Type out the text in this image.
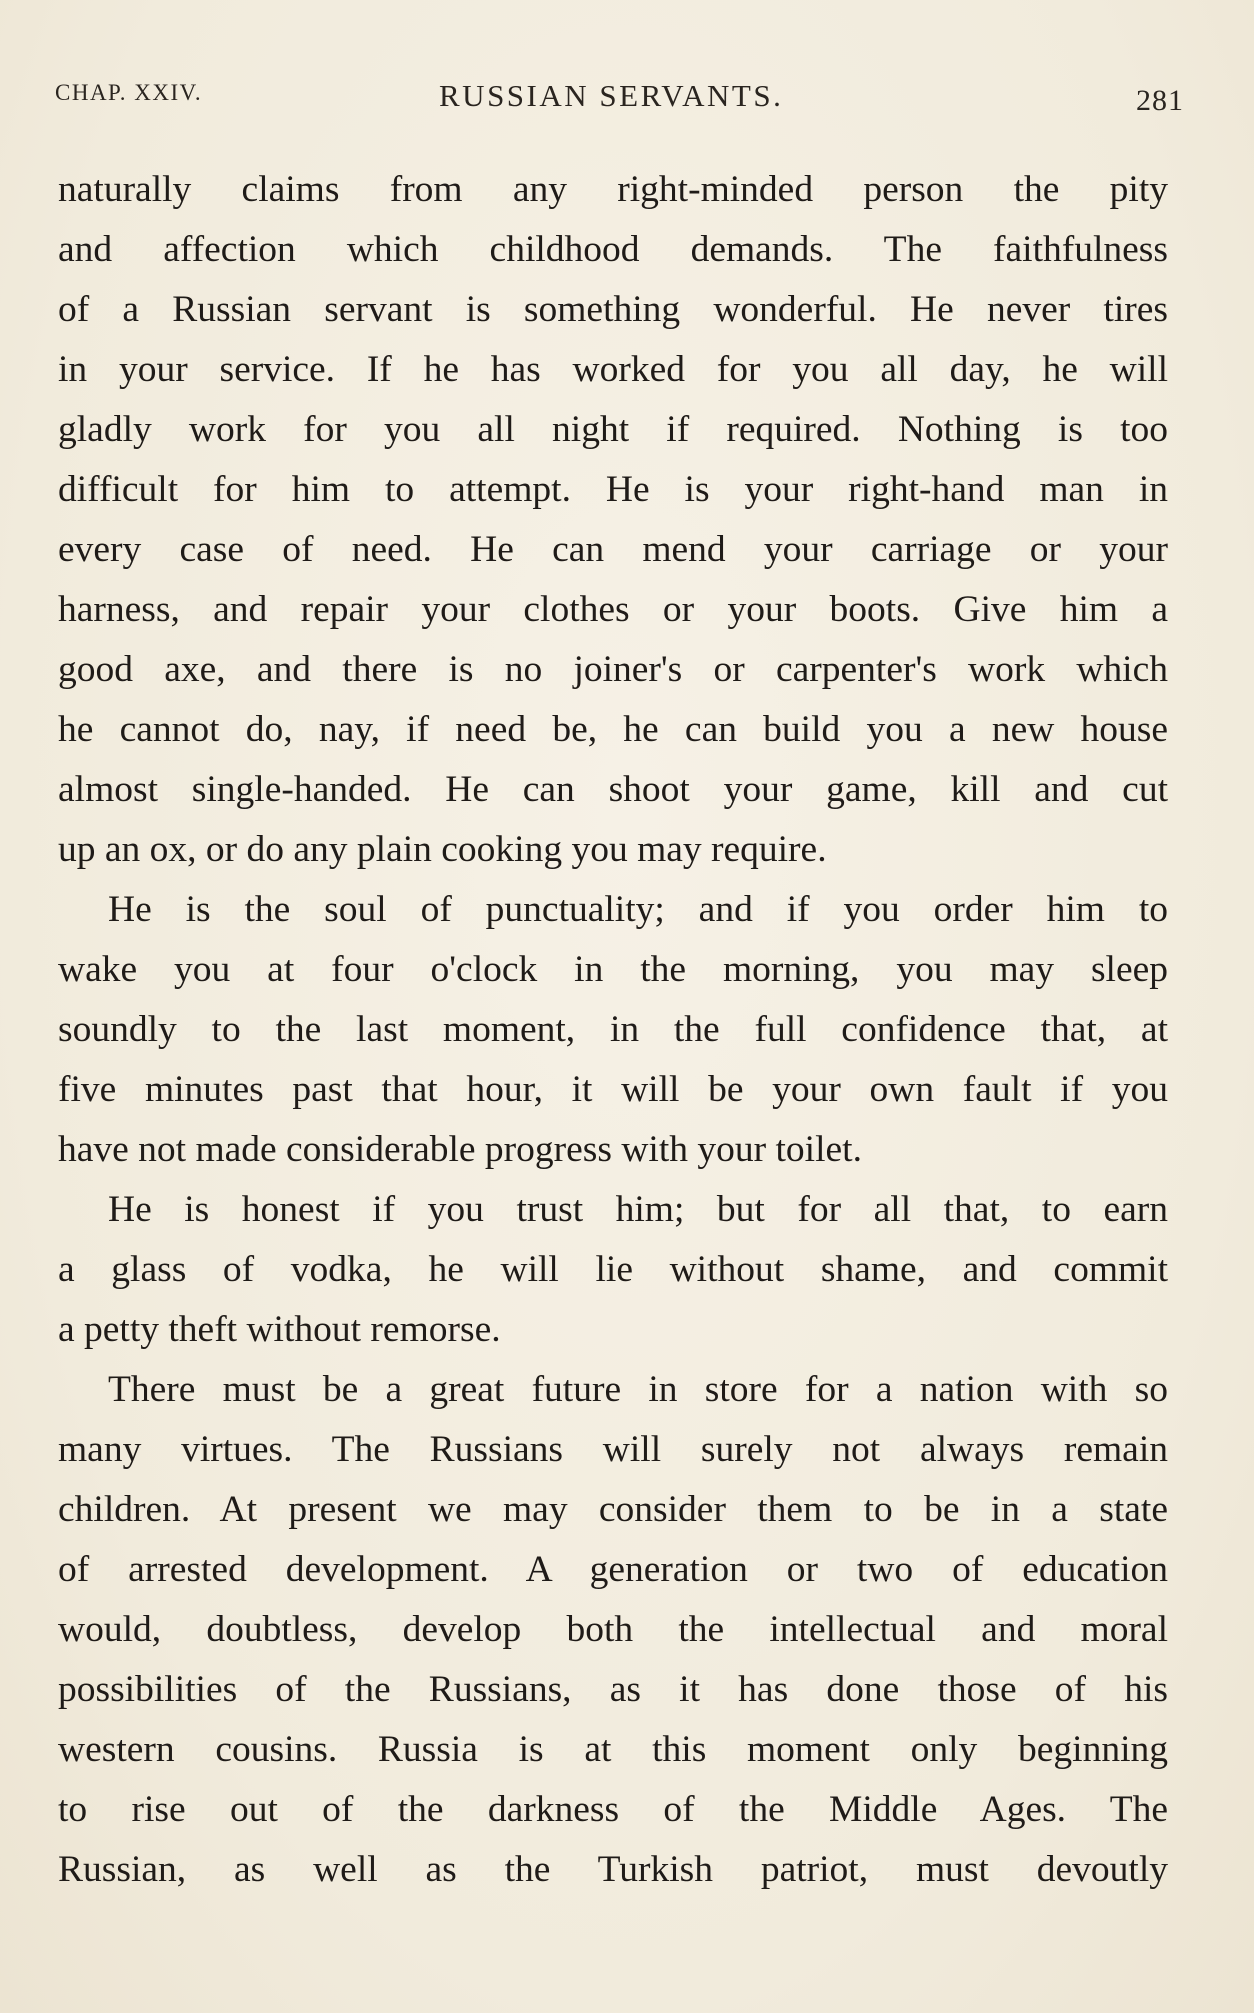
CHAP. XXIV.	RUSSIAN SERVANTS.	281
naturally claims from any right-minded person the pity
and affection which childhood demands. The faithfulness
of a Russian servant is something wonderful. He never tires
in your service. If he has worked for you all day, he will
gladly work for you all night if required. Nothing is too
difficult for him to attempt. He is your right-hand man in
every case of need. He can mend your carriage or your
harness, and repair your clothes or your boots. Give him a
good axe, and there is no joiner's or carpenter's work which
he cannot do, nay, if need be, he can build you a new house
almost single-handed. He can shoot your game, kill and cut
up an ox, or do any plain cooking you may require.
He is the soul of punctuality; and if you order him to
wake you at four o'clock in the morning, you may sleep
soundly to the last moment, in the full confidence that, at
five minutes past that hour, it will be your own fault if you
have not made considerable progress with your toilet.
He is honest if you trust him; but for all that, to earn
a glass of vodka, he will lie without shame, and commit
a petty theft without remorse.
There must be a great future in store for a nation with so
many virtues. The Russians will surely not always remain
children. At present we may consider them to be in a state
of arrested development. A generation or two of education
would, doubtless, develop both the intellectual and moral
possibilities of the Russians, as it has done those of his
western cousins. Russia is at this moment only beginning
to rise out of the darkness of the Middle Ages. The
Russian, as well as the Turkish patriot, must devoutly
